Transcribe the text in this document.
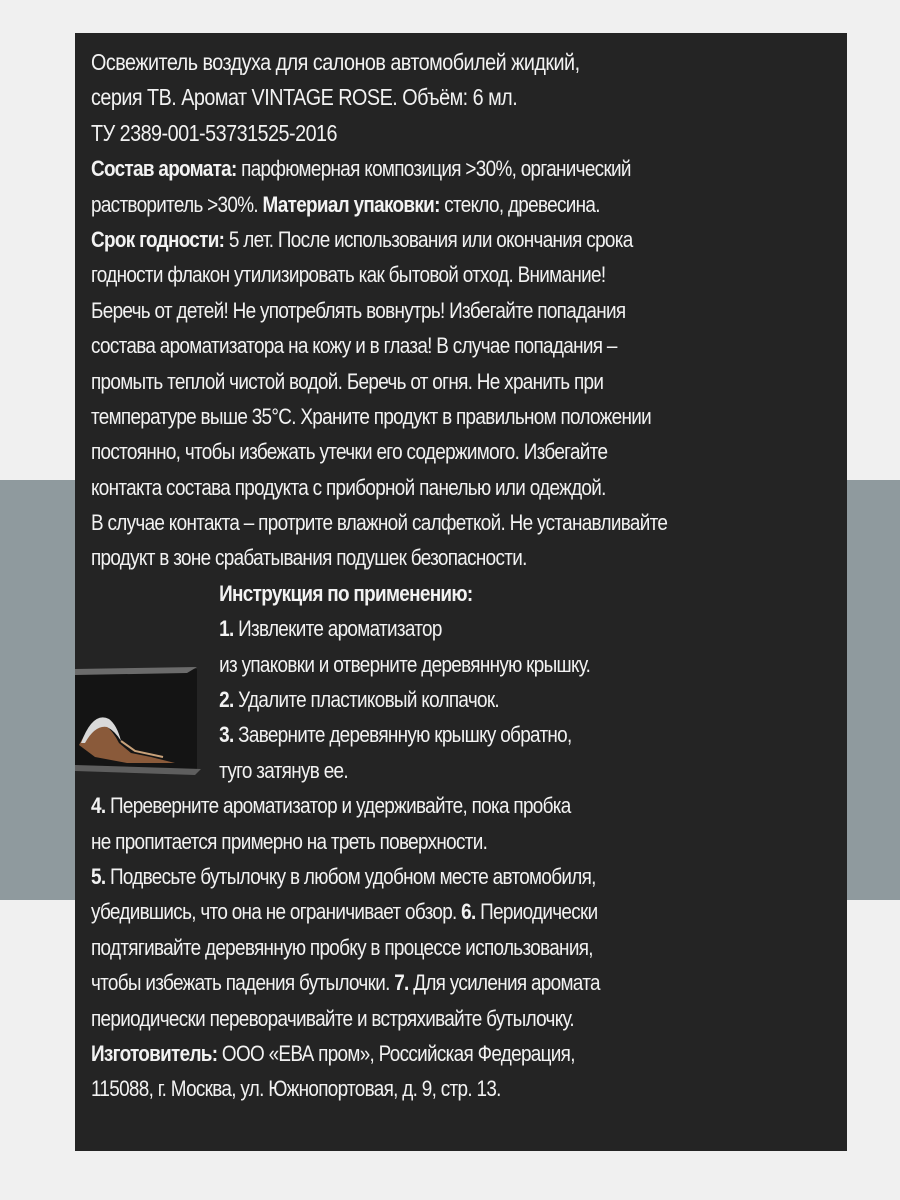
Освежитель воздуха для салонов автомобилей жидкий,
серия ТВ. Аромат VINTAGE ROSE. Объём: 6 мл.
ТУ 2389-001-53731525-2016
Состав аромата: парфюмерная композиция >30%, органический
растворитель >30%. Материал упаковки: стекло, древесина.
Срок годности: 5 лет. После использования или окончания срока
годности флакон утилизировать как бытовой отход. Внимание!
Беречь от детей! Не употреблять вовнутрь! Избегайте попадания
состава ароматизатора на кожу и в глаза! В случае попадания –
промыть теплой чистой водой. Беречь от огня. Не хранить при
температуре выше 35°С. Храните продукт в правильном положении
постоянно, чтобы избежать утечки его содержимого. Избегайте
контакта состава продукта с приборной панелью или одеждой.
В случае контакта – протрите влажной салфеткой. Не устанавливайте
продукт в зоне срабатывания подушек безопасности.
Инструкция по применению:
1. Извлеките ароматизатор
из упаковки и отверните деревянную крышку.
2. Удалите пластиковый колпачок.
3. Заверните деревянную крышку обратно,
туго затянув ее.
4. Переверните ароматизатор и удерживайте, пока пробка
не пропитается примерно на треть поверхности.
5. Подвесьте бутылочку в любом удобном месте автомобиля,
убедившись, что она не ограничивает обзор. 6. Периодически
подтягивайте деревянную пробку в процессе использования,
чтобы избежать падения бутылочки. 7. Для усиления аромата
периодически переворачивайте и встряхивайте бутылочку.
Изготовитель: ООО «ЕВА пром», Российская Федерация,
115088, г. Москва, ул. Южнопортовая, д. 9, стр. 13.
